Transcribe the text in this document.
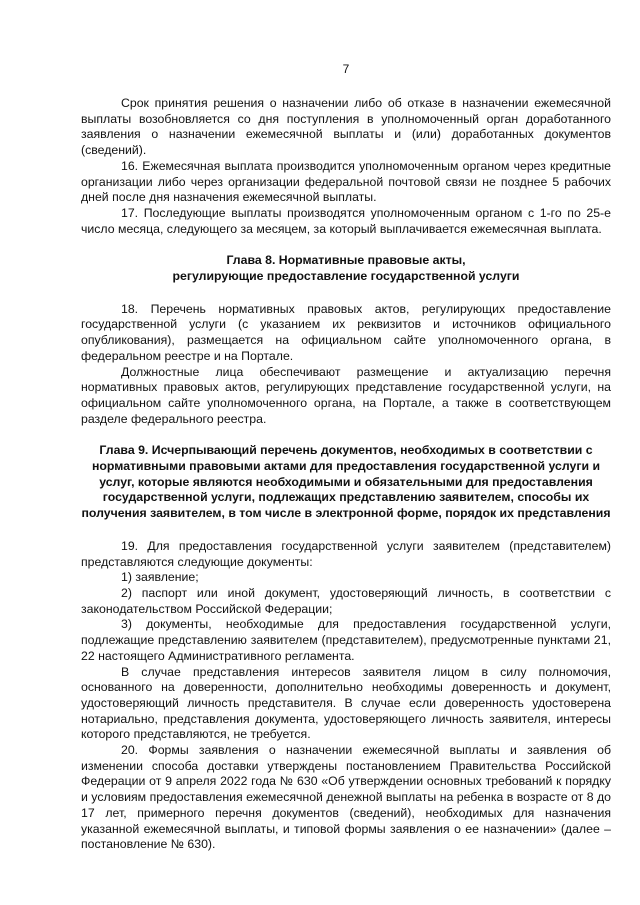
7

Срок принятия решения о назначении либо об отказе в назначении ежемесячной выплаты возобновляется со дня поступления в уполномоченный орган доработанного заявления о назначении ежемесячной выплаты и (или) доработанных документов (сведений).

16. Ежемесячная выплата производится уполномоченным органом через кредитные организации либо через организации федеральной почтовой связи не позднее 5 рабочих дней после дня назначения ежемесячной выплаты.

17. Последующие выплаты производятся уполномоченным органом с 1-го по 25-е число месяца, следующего за месяцем, за который выплачивается ежемесячная выплата.

Глава 8. Нормативные правовые акты,
регулирующие предоставление государственной услуги

18. Перечень нормативных правовых актов, регулирующих предоставление государственной услуги (с указанием их реквизитов и источников официального опубликования), размещается на официальном сайте уполномоченного органа, в федеральном реестре и на Портале.

Должностные лица обеспечивают размещение и актуализацию перечня нормативных правовых актов, регулирующих представление государственной услуги, на официальном сайте уполномоченного органа, на Портале, а также в соответствующем разделе федерального реестра.

Глава 9. Исчерпывающий перечень документов, необходимых в соответствии с нормативными правовыми актами для предоставления государственной услуги и услуг, которые являются необходимыми и обязательными для предоставления государственной услуги, подлежащих представлению заявителем, способы их получения заявителем, в том числе в электронной форме, порядок их представления

19. Для предоставления государственной услуги заявителем (представителем) представляются следующие документы:

1) заявление;

2) паспорт или иной документ, удостоверяющий личность, в соответствии с законодательством Российской Федерации;

3) документы, необходимые для предоставления государственной услуги, подлежащие представлению заявителем (представителем), предусмотренные пунктами 21, 22 настоящего Административного регламента.

В случае представления интересов заявителя лицом в силу полномочия, основанного на доверенности, дополнительно необходимы доверенность и документ, удостоверяющий личность представителя. В случае если доверенность удостоверена нотариально, представления документа, удостоверяющего личность заявителя, интересы которого представляются, не требуется.

20. Формы заявления о назначении ежемесячной выплаты и заявления об изменении способа доставки утверждены постановлением Правительства Российской Федерации от 9 апреля 2022 года № 630 «Об утверждении основных требований к порядку и условиям предоставления ежемесячной денежной выплаты на ребенка в возрасте от 8 до 17 лет, примерного перечня документов (сведений), необходимых для назначения указанной ежемесячной выплаты, и типовой формы заявления о ее назначении» (далее – постановление № 630).
